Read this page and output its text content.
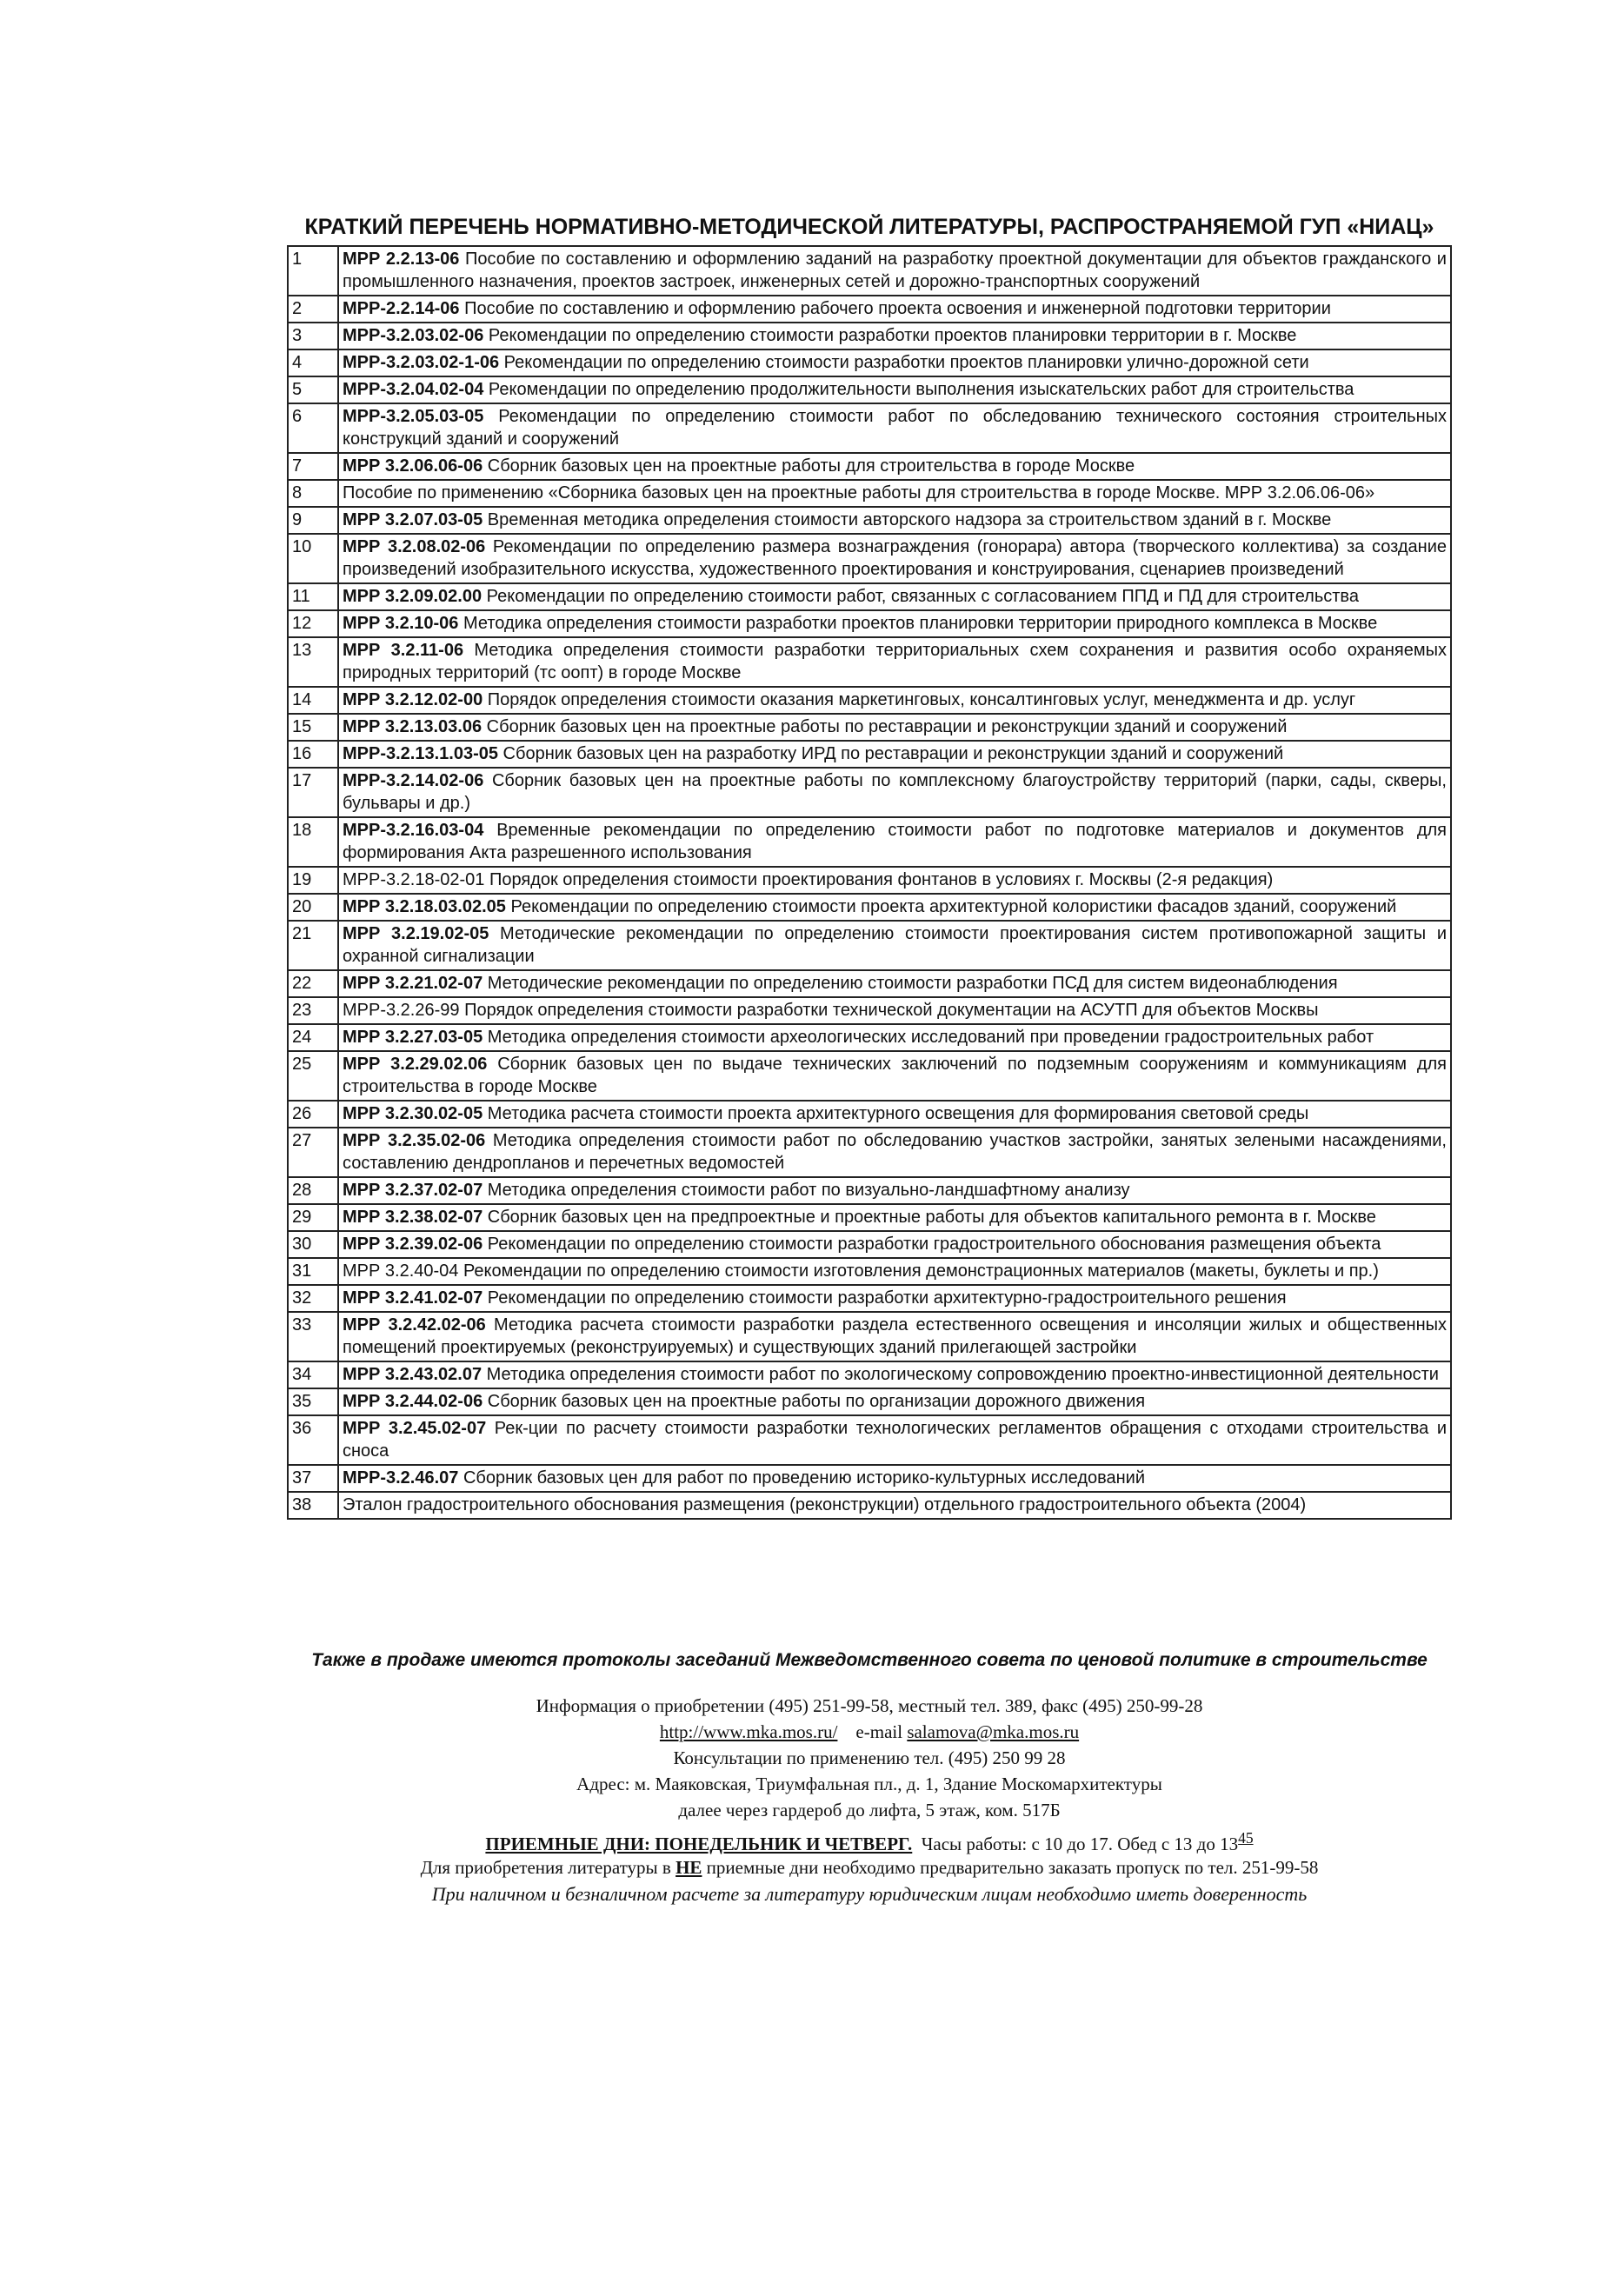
КРАТКИЙ ПЕРЕЧЕНЬ НОРМАТИВНО-МЕТОДИЧЕСКОЙ ЛИТЕРАТУРЫ, РАСПРОСТРАНЯЕМОЙ ГУП «НИАЦ»
1	МРР 2.2.13-06 Пособие по составлению и оформлению заданий на разработку проектной документации для объектов гражданского и промышленного назначения, проектов застроек, инженерных сетей и дорожно-транспортных сооружений
2	МРР-2.2.14-06 Пособие по составлению и оформлению рабочего проекта освоения и инженерной подготовки территории
3	МРР-3.2.03.02-06 Рекомендации по определению стоимости разработки проектов планировки территории в г. Москве
4	МРР-3.2.03.02-1-06 Рекомендации по определению стоимости разработки проектов планировки улично-дорожной сети
5	МРР-3.2.04.02-04 Рекомендации по определению продолжительности выполнения изыскательских работ для строительства
6	МРР-3.2.05.03-05 Рекомендации по определению стоимости работ по обследованию технического состояния строительных конструкций зданий и сооружений
7	МРР 3.2.06.06-06 Сборник базовых цен на проектные работы для строительства в городе Москве
8	Пособие по применению «Сборника базовых цен на проектные работы для строительства в городе Москве. МРР 3.2.06.06-06»
9	МРР 3.2.07.03-05 Временная методика определения стоимости авторского надзора за строительством зданий в г. Москве
10	МРР 3.2.08.02-06 Рекомендации по определению размера вознаграждения (гонорара) автора (творческого коллектива) за создание произведений изобразительного искусства, художественного проектирования и конструирования, сценариев произведений
11	МРР 3.2.09.02.00 Рекомендации по определению стоимости работ, связанных с согласованием ППД и ПД для строительства
12	МРР 3.2.10-06 Методика определения стоимости разработки проектов планировки территории природного комплекса в Москве
13	МРР 3.2.11-06 Методика определения стоимости разработки территориальных схем сохранения и развития особо охраняемых природных территорий (тс оопт) в городе Москве
14	МРР 3.2.12.02-00 Порядок определения стоимости оказания маркетинговых, консалтинговых услуг, менеджмента и др. услуг
15	МРР 3.2.13.03.06 Сборник базовых цен на проектные работы по реставрации и реконструкции зданий и сооружений
16	МРР-3.2.13.1.03-05 Сборник базовых цен на разработку ИРД по реставрации и реконструкции зданий и сооружений
17	МРР-3.2.14.02-06 Сборник базовых цен на проектные работы по комплексному благоустройству территорий (парки, сады, скверы, бульвары и др.)
18	МРР-3.2.16.03-04 Временные рекомендации по определению стоимости работ по подготовке материалов и документов для формирования Акта разрешенного использования
19	МРР-3.2.18-02-01 Порядок определения стоимости проектирования фонтанов в условиях г. Москвы (2-я редакция)
20	МРР 3.2.18.03.02.05 Рекомендации по определению стоимости проекта архитектурной колористики фасадов зданий, сооружений
21	МРР 3.2.19.02-05 Методические рекомендации по определению стоимости проектирования систем противопожарной защиты и охранной сигнализации
22	МРР 3.2.21.02-07 Методические рекомендации по определению стоимости разработки ПСД для систем видеонаблюдения
23	МРР-3.2.26-99 Порядок определения стоимости разработки технической документации на АСУТП для объектов Москвы
24	МРР 3.2.27.03-05 Методика определения стоимости археологических исследований при проведении градостроительных работ
25	МРР 3.2.29.02.06 Сборник базовых цен по выдаче технических заключений по подземным сооружениям и коммуникациям для строительства в городе Москве
26	МРР 3.2.30.02-05 Методика расчета стоимости проекта архитектурного освещения для формирования световой среды
27	МРР 3.2.35.02-06 Методика определения стоимости работ по обследованию участков застройки, занятых зелеными насаждениями, составлению дендропланов и перечетных ведомостей
28	МРР 3.2.37.02-07 Методика определения стоимости работ по визуально-ландшафтному анализу
29	МРР 3.2.38.02-07 Сборник базовых цен на предпроектные и проектные работы для объектов капитального ремонта в г. Москве
30	МРР 3.2.39.02-06 Рекомендации по определению стоимости разработки градостроительного обоснования размещения объекта
31	МРР 3.2.40-04 Рекомендации по определению стоимости изготовления демонстрационных материалов (макеты, буклеты и пр.)
32	МРР 3.2.41.02-07 Рекомендации по определению стоимости разработки архитектурно-градостроительного решения
33	МРР 3.2.42.02-06 Методика расчета стоимости разработки раздела естественного освещения и инсоляции жилых и общественных помещений проектируемых (реконструируемых) и существующих зданий прилегающей застройки
34	МРР 3.2.43.02.07 Методика определения стоимости работ по экологическому сопровождению проектно-инвестиционной деятельности
35	МРР 3.2.44.02-06 Сборник базовых цен на проектные работы по организации дорожного движения
36	МРР 3.2.45.02-07 Рек-ции по расчету стоимости разработки технологических регламентов обращения с отходами строительства и сноса
37	МРР-3.2.46.07 Сборник базовых цен для работ по проведению историко-культурных исследований
38	Эталон градостроительного обоснования размещения (реконструкции) отдельного градостроительного объекта (2004)
Также в продаже имеются протоколы заседаний Межведомственного совета по ценовой политике в строительстве
Информация о приобретении (495) 251-99-58, местный тел. 389, факс (495) 250-99-28
http://www.mka.mos.ru/ e-mail salamova@mka.mos.ru
Консультации по применению тел. (495) 250 99 28
Адрес: м. Маяковская, Триумфальная пл., д. 1, Здание Москомархитектуры
далее через гардероб до лифта, 5 этаж, ком. 517Б
ПРИЕМНЫЕ ДНИ: ПОНЕДЕЛЬНИК И ЧЕТВЕРГ. Часы работы: с 10 до 17. Обед с 13 до $13^{45}$
Для приобретения литературы в НЕ приемные дни необходимо предварительно заказать пропуск по тел. 251-99-58
При наличном и безналичном расчете за литературу юридическим лицам необходимо иметь доверенность
